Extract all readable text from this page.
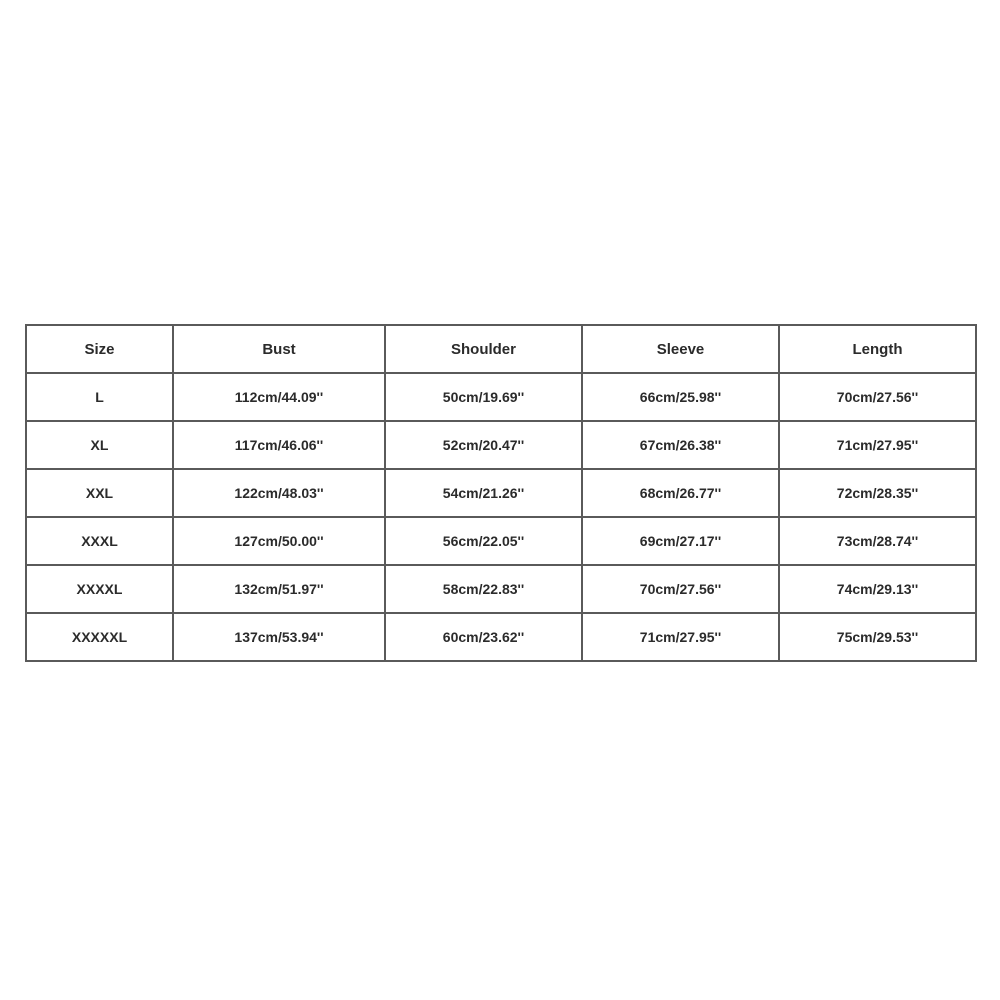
Size	Bust	Shoulder	Sleeve	Length
L	112cm/44.09''	50cm/19.69''	66cm/25.98''	70cm/27.56''
XL	117cm/46.06''	52cm/20.47''	67cm/26.38''	71cm/27.95''
XXL	122cm/48.03''	54cm/21.26''	68cm/26.77''	72cm/28.35''
XXXL	127cm/50.00''	56cm/22.05''	69cm/27.17''	73cm/28.74''
XXXXL	132cm/51.97''	58cm/22.83''	70cm/27.56''	74cm/29.13''
XXXXXL	137cm/53.94''	60cm/23.62''	71cm/27.95''	75cm/29.53''
